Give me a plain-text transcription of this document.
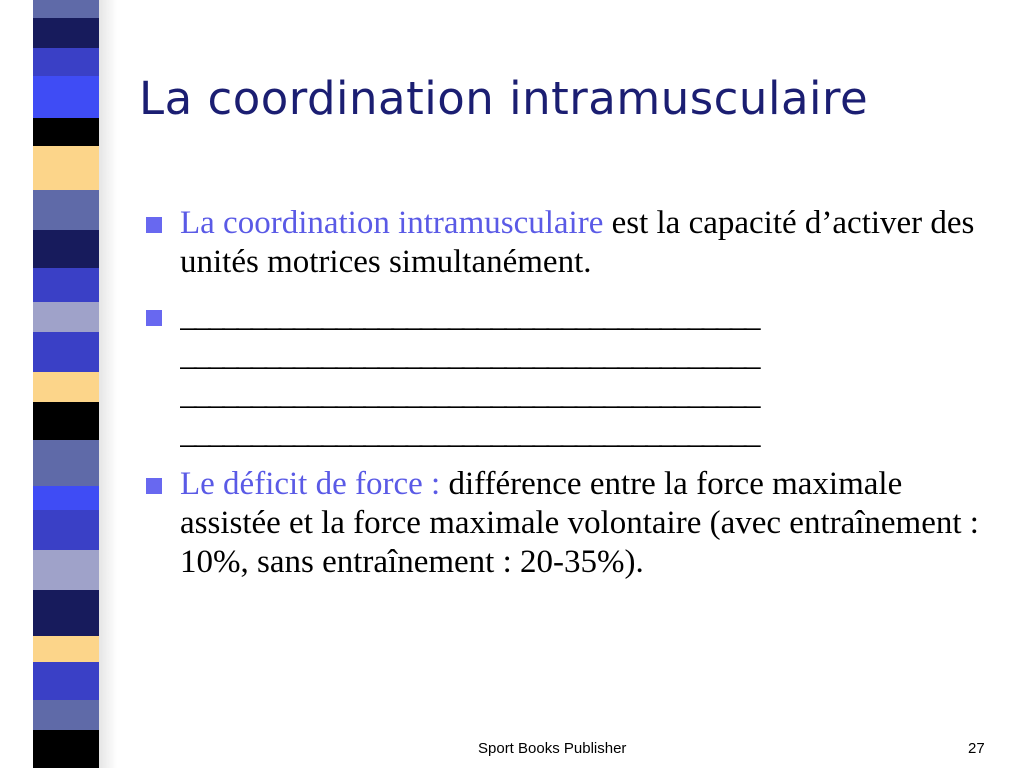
La coordination intramusculaire
La coordination intramusculaire est la capacité d’activer des unités motrices simultanément.
_________________________________________
_________________________________________
_________________________________________
_________________________________________
Le déficit de force : différence entre la force maximale assistée et la force maximale volontaire (avec entraînement : 10%, sans entraînement : 20-35%).
Sport Books Publisher	27
